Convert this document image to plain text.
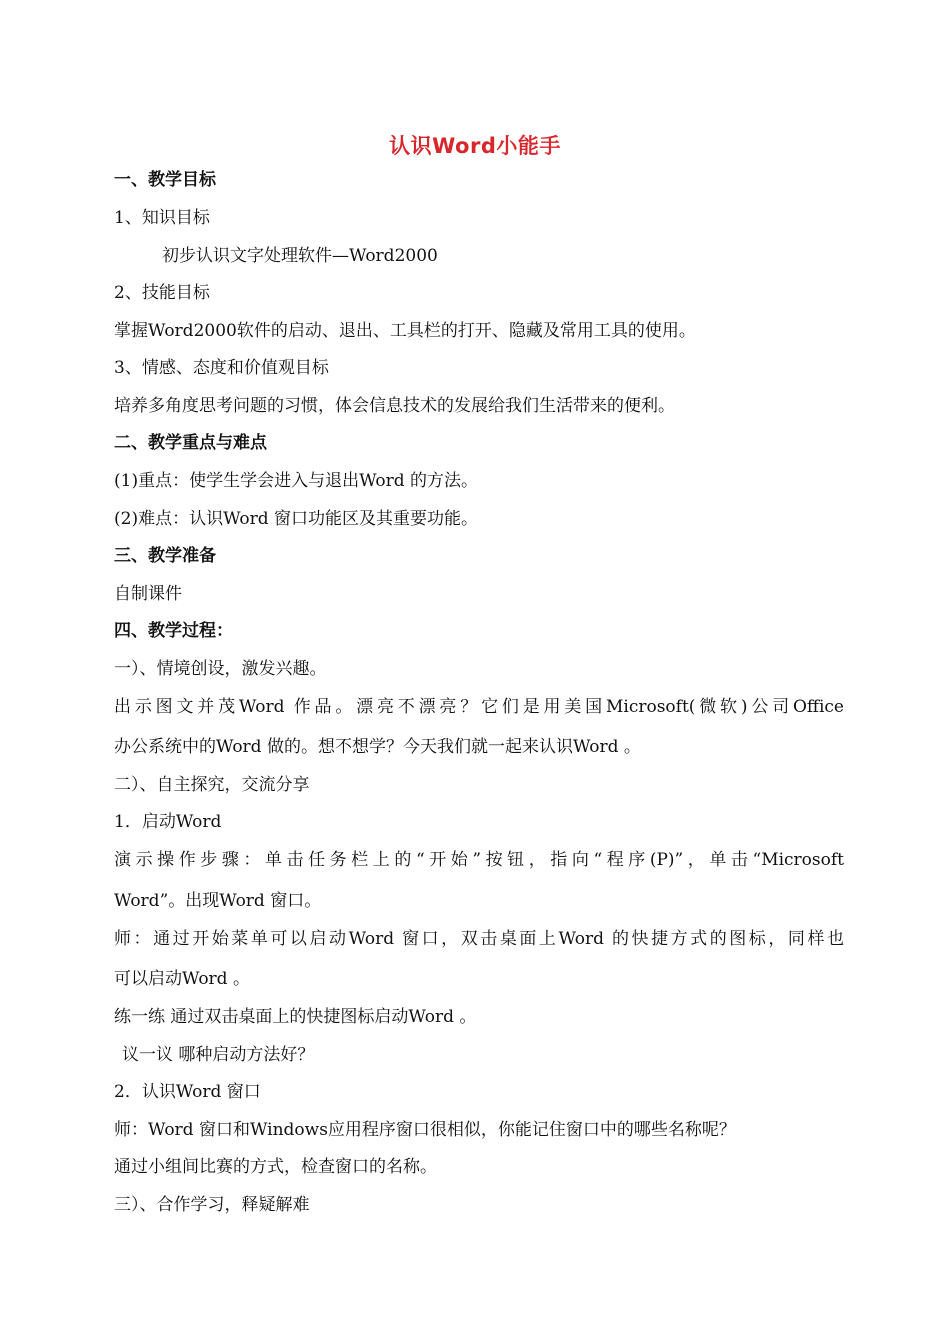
认识Word小能手
一、教学目标
1、知识目标
初步认识文字处理软件—Word2000
2、技能目标
掌握Word2000软件的启动、退出、工具栏的打开、隐藏及常用工具的使用。
3、情感、态度和价值观目标
培养多角度思考问题的习惯，体会信息技术的发展给我们生活带来的便利。
二、教学重点与难点
(1)重点：使学生学会进入与退出Word 的方法。
(2)难点：认识Word 窗口功能区及其重要功能。
三、教学准备
自制课件
四、教学过程：
一）、情境创设，激发兴趣。
出示图文并茂Word 作品。漂亮不漂亮？它们是用美国Microsoft(微软)公司Office
办公系统中的Word 做的。想不想学？今天我们就一起来认识Word 。
二）、自主探究，交流分享
1．启动Word
演示操作步骤：单击任务栏上的“开始”按钮，指向“程序(P)”，单击“Microsoft
Word”。出现Word 窗口。
师：通过开始菜单可以启动Word 窗口，双击桌面上Word 的快捷方式的图标，同样也
可以启动Word 。
练一练 通过双击桌面上的快捷图标启动Word 。
议一议 哪种启动方法好？
2．认识Word 窗口
师：Word 窗口和Windows应用程序窗口很相似，你能记住窗口中的哪些名称呢？
通过小组间比赛的方式，检查窗口的名称。
三）、合作学习，释疑解难
